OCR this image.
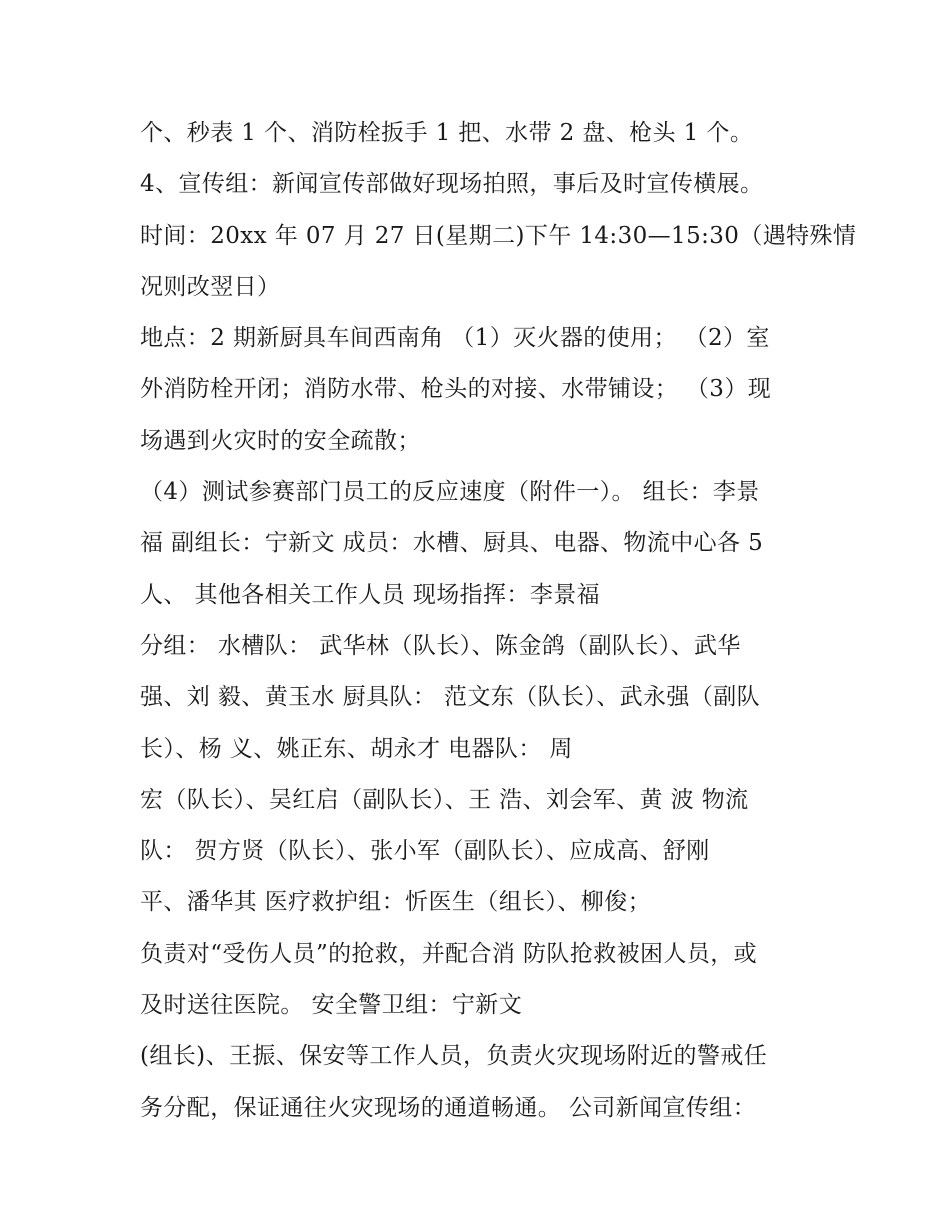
个、秒表 1 个、消防栓扳手 1 把、水带 2 盘、枪头 1 个。
4、宣传组：新闻宣传部做好现场拍照，事后及时宣传横展。
时间：20xx 年 07 月 27 日(星期二)下午 14:30—15:30（遇特殊情
况则改翌日）
地点：2 期新厨具车间西南角 （1）灭火器的使用； （2）室
外消防栓开闭；消防水带、枪头的对接、水带铺设； （3）现
场遇到火灾时的安全疏散；
（4）测试参赛部门员工的反应速度（附件一）。 组长：李景
福 副组长：宁新文 成员：水槽、厨具、电器、物流中心各 5
人、 其他各相关工作人员 现场指挥：李景福
分组： 水槽队： 武华林（队长）、陈金鸽（副队长）、武华
强、刘 毅、黄玉水 厨具队： 范文东（队长）、武永强（副队
长）、杨 义、姚正东、胡永才 电器队： 周
宏（队长）、吴红启（副队长）、王 浩、刘会军、黄 波 物流
队： 贺方贤（队长）、张小军（副队长）、应成高、舒刚
平、潘华其 医疗救护组：忻医生（组长）、柳俊；
负责对“受伤人员”的抢救，并配合消 防队抢救被困人员，或
及时送往医院。 安全警卫组：宁新文
(组长)、王振、保安等工作人员，负责火灾现场附近的警戒任
务分配，保证通往火灾现场的通道畅通。 公司新闻宣传组：
